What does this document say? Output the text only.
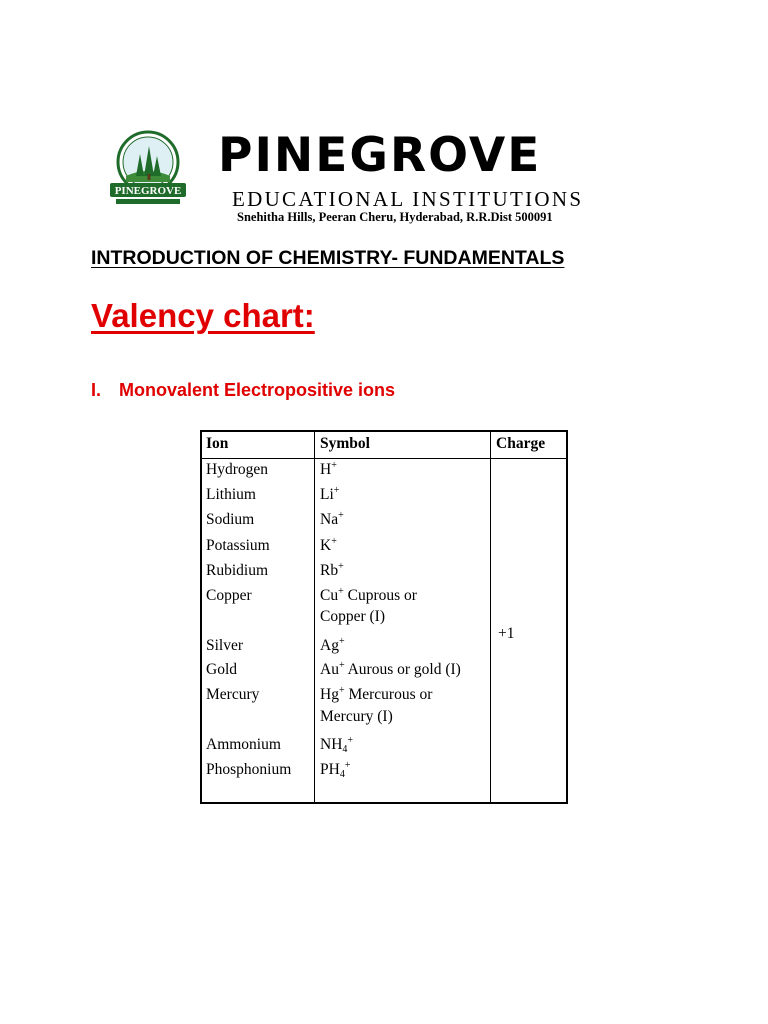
PINEGROVE
PINEGROVE
EDUCATIONAL INSTITUTIONS
Snehitha Hills, Peeran Cheru, Hyderabad, R.R.Dist 500091
INTRODUCTION OF CHEMISTRY- FUNDAMENTALS
Valency chart:
I. Monovalent Electropositive ions
Ion	Symbol	Charge
+1
Hydrogen	H+
Lithium	Li+
Sodium	Na+
Potassium	K+
Rubidium	Rb+
Copper	Cu+ Cuprous or
Copper (I)
Silver	Ag+
Gold	Au+ Aurous or gold (I)
Mercury	Hg+ Mercurous or
Mercury (I)
Ammonium	$NH_4^+$
Phosphonium $PH_4^+$
